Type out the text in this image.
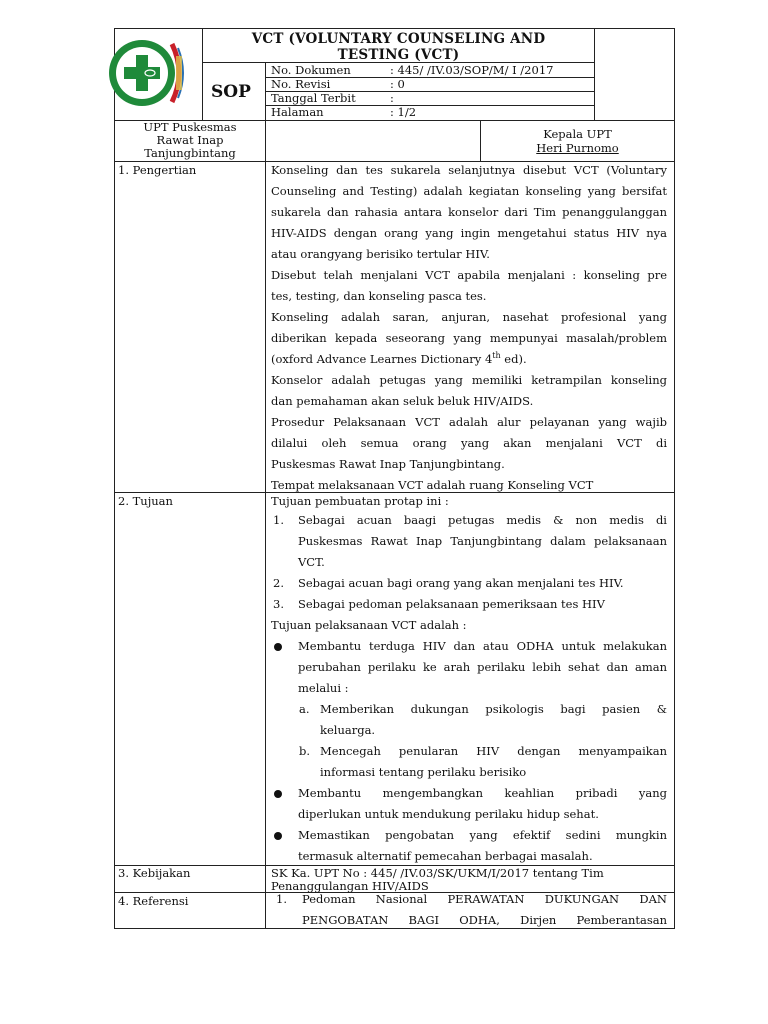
VCT (VOLUNTARY COUNSELING AND
TESTING (VCT)
SOP
No. Dokumen	: 445/ /IV.03/SOP/M/ I /2017
No. Revisi	: 0
Tanggal Terbit	:
Halaman	: 1/2
UPT Puskesmas
Rawat Inap
Tanjungbintang
Kepala UPT
Heri Purnomo
1. Pengertian	Konseling dan tes sukarela selanjutnya disebut VCT (Voluntary
Counseling and Testing) adalah kegiatan konseling yang bersifat
sukarela dan rahasia antara konselor dari Tim penanggulanggan
HIV-AIDS dengan orang yang ingin mengetahui status HIV nya
atau orangyang berisiko tertular HIV.
Disebut telah menjalani VCT apabila menjalani : konseling pre
tes, testing, dan konseling pasca tes.
Konseling adalah saran, anjuran, nasehat profesional yang
diberikan kepada seseorang yang mempunyai masalah/problem
(oxford Advance Learnes Dictionary 4th ed).
Konselor adalah petugas yang memiliki ketrampilan konseling
dan pemahaman akan seluk beluk HIV/AIDS.
Prosedur Pelaksanaan VCT adalah alur pelayanan yang wajib
dilalui oleh semua orang yang akan menjalani VCT di
Puskesmas Rawat Inap Tanjungbintang.
Tempat melaksanaan VCT adalah ruang Konseling VCT
2. Tujuan	Tujuan pembuatan protap ini :
1. Sebagai acuan baagi petugas medis & non medis di
Puskesmas Rawat Inap Tanjungbintang dalam pelaksanaan
VCT.
2. Sebagai acuan bagi orang yang akan menjalani tes HIV.
3. Sebagai pedoman pelaksanaan pemeriksaan tes HIV
Tujuan pelaksanaan VCT adalah :
Membantu terduga HIV dan atau ODHA untuk melakukan
perubahan perilaku ke arah perilaku lebih sehat dan aman
melalui :
a. Memberikan dukungan psikologis bagi pasien &
keluarga.
b. Mencegah penularan HIV dengan menyampaikan
informasi tentang perilaku berisiko
Membantu mengembangkan keahlian pribadi yang
diperlukan untuk mendukung perilaku hidup sehat.
Memastikan pengobatan yang efektif sedini mungkin
termasuk alternatif pemecahan berbagai masalah.
3. Kebijakan	SK Ka. UPT No : 445/ /IV.03/SK/UKM/I/2017 tentang Tim
Penanggulangan HIV/AIDS
4. Referensi	1. Pedoman Nasional PERAWATAN DUKUNGAN DAN
PENGOBATAN BAGI ODHA, Dirjen Pemberantasan
